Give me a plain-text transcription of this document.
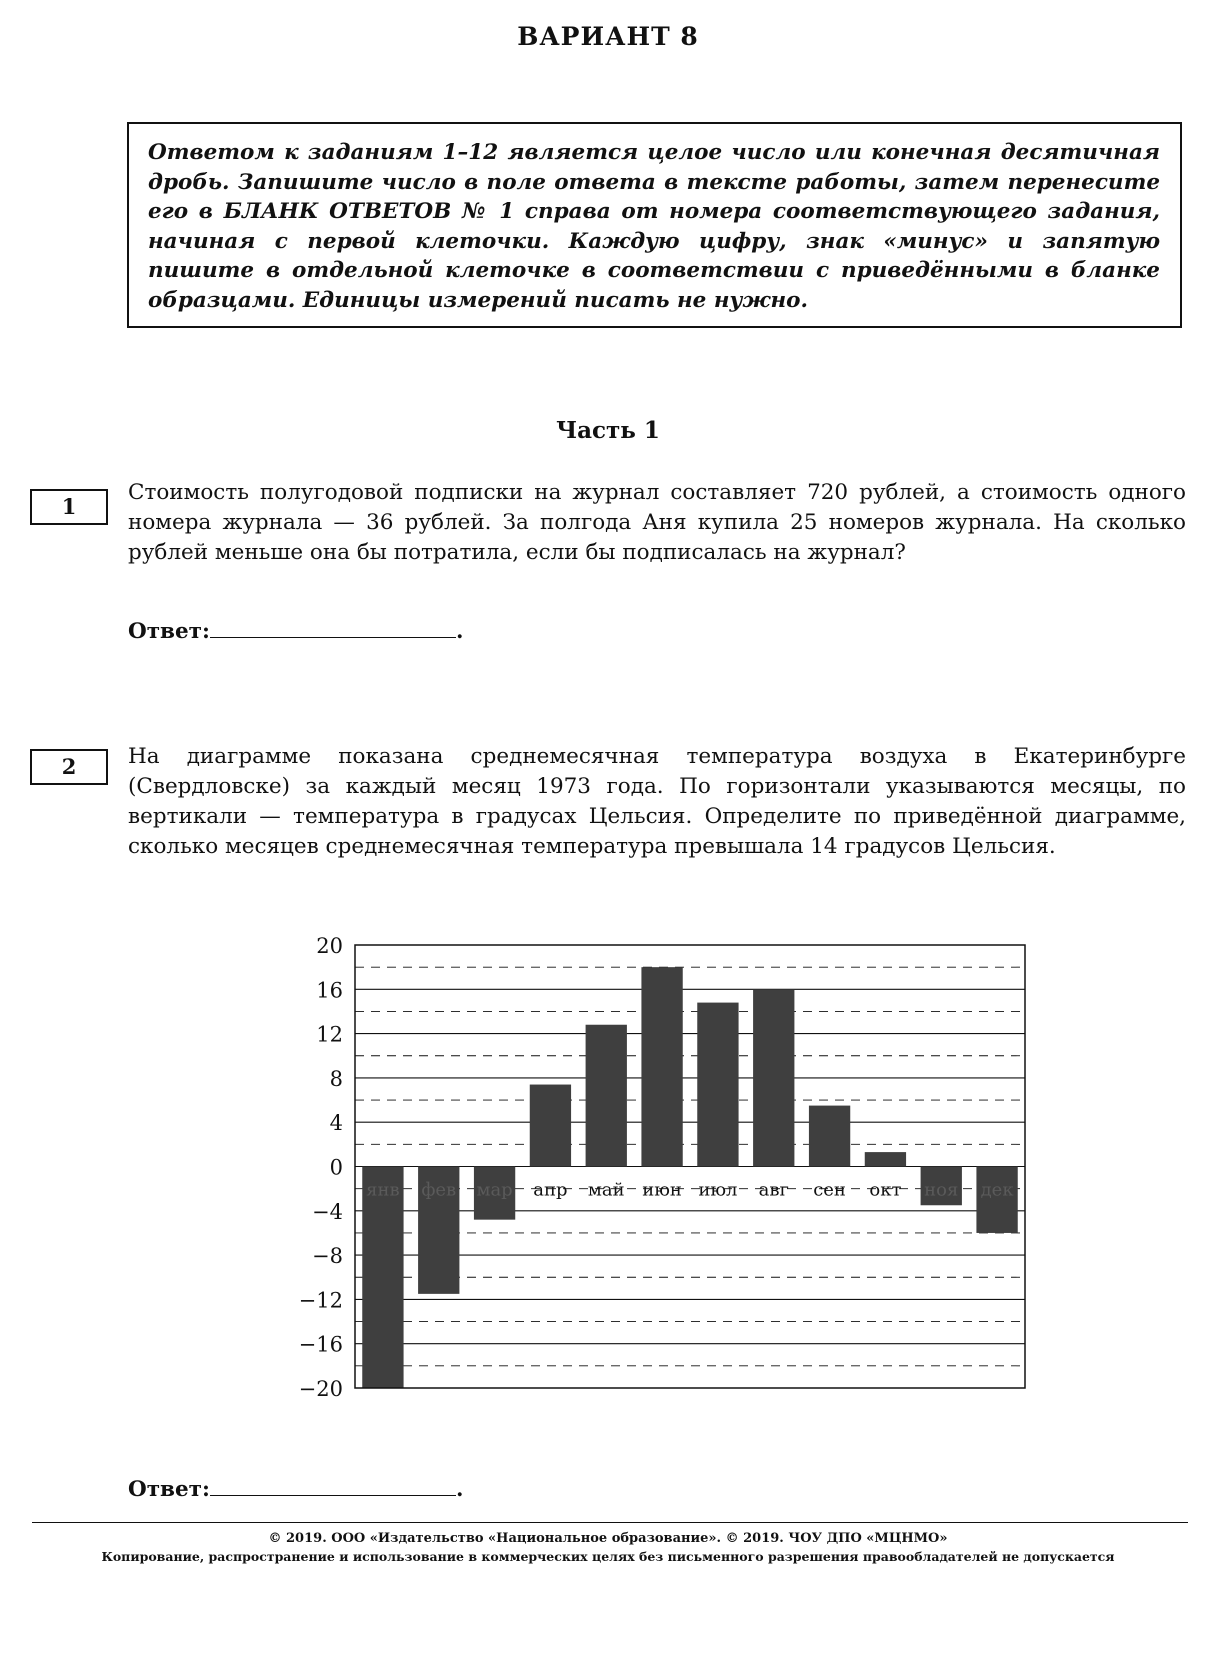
ВАРИАНТ 8

Ответом к заданиям 1–12 является целое число или конечная десятичная дробь. Запишите число в поле ответа в тексте работы, затем перенесите его в БЛАНК ОТВЕТОВ № 1 справа от номера соответствующего задания, начиная с первой клеточки. Каждую цифру, знак «минус» и запятую пишите в отдельной клеточке в соответствии с приведёнными в бланке образцами. Единицы измерений писать не нужно.

Часть 1
1

Стоимость полугодовой подписки на журнал составляет 720 рублей, а стоимость одного номера журнала — 36 рублей. За полгода Аня купила 25 номеров журнала. На сколько рублей меньше она бы потратила, если бы подписалась на журнал?

Ответ:	.
2	На диаграмме показана среднемесячная температура воздуха в Екатеринбурге (Свердловске) за каждый месяц 1973 года. По горизонтали указываются месяцы, по вертикали — температура в градусах Цельсия. Определите по приведённой диаграмме, сколько месяцев среднемесячная температура превышала 14 градусов Цельсия.

20
16
12
8
4
0
−4
−8
−12
−16
−20
янв фев мар апр май июн июл авг сен окт ноя дек
Ответ:	.
© 2019. ООО «Издательство «Национальное образование». © 2019. ЧОУ ДПО «МЦНМО»
Копирование, распространение и использование в коммерческих целях без письменного разрешения правообладателей не допускается
